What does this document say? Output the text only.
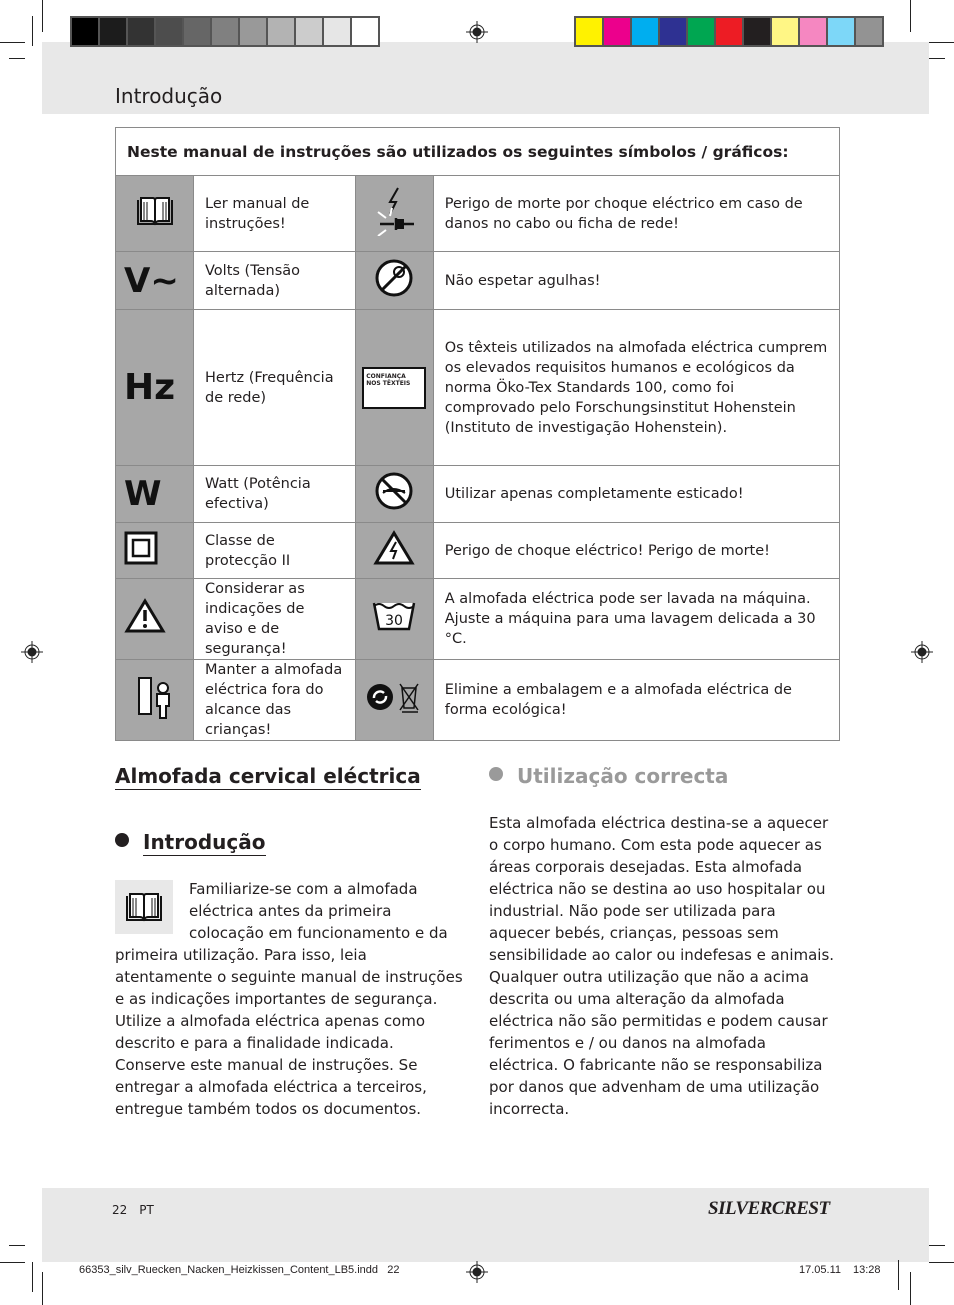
Introdução
Neste manual de instruções são utilizados os seguintes símbolos / gráficos:			
	Ler manual de instruções!		Perigo de morte por choque eléctrico em caso de danos no cabo ou ficha de rede!
V~	Volts (Tensão alternada)		Não espetar agulhas!
Hz	Hertz (Frequência de rede)	CONFIANÇA NOS TÊXTEIS	Os têxteis utilizados na almofada eléctrica cumprem os elevados requisitos humanos e ecológicos da norma Öko-Tex Standards 100, como foi comprovado pelo Forschungsinstitut Hohenstein (Instituto de investigação Hohenstein).
W	Watt (Potência efectiva)		Utilizar apenas completamente esticado!
	Classe de protecção II		Perigo de choque eléctrico! Perigo de morte!
	Considerar as indicações de aviso e de segurança!	30	A almofada eléctrica pode ser lavada na máquina. Ajuste a máquina para uma lavagem delicada a 30 °C.
	Manter a almofada eléctrica fora do alcance das crianças!		Elimine a embalagem e a almofada eléctrica de forma ecológica!
Almofada cervical eléctrica
Introdução
Familiarize-se com a almofada eléctrica antes da primeira colocação em funcionamento e da primeira utilização. Para isso, leia atentamente o seguinte manual de instruções e as indicações importantes de segurança. Utilize a almofada eléctrica apenas como descrito e para a finalidade indicada. Conserve este manual de instruções. Se entregar a almofada eléctrica a terceiros, entregue também todos os documentos.
Utilização correcta
Esta almofada eléctrica destina-se a aquecer o corpo humano. Com esta pode aquecer as áreas corporais desejadas. Esta almofada eléctrica não se destina ao uso hospitalar ou industrial. Não pode ser utilizada para aquecer bebés, crianças, pessoas sem sensibilidade ao calor ou indefesas e animais. Qualquer outra utilização que não a acima descrita ou uma alteração da almofada eléctrica não são permitidas e podem causar ferimentos e / ou danos na almofada eléctrica. O fabricante não se responsabiliza por danos que advenham de uma utilização incorrecta.
22 PT	SILVERCREST
66353_silv_Ruecken_Nacken_Heizkissen_Content_LB5.indd   22	17.05.11 13:28
